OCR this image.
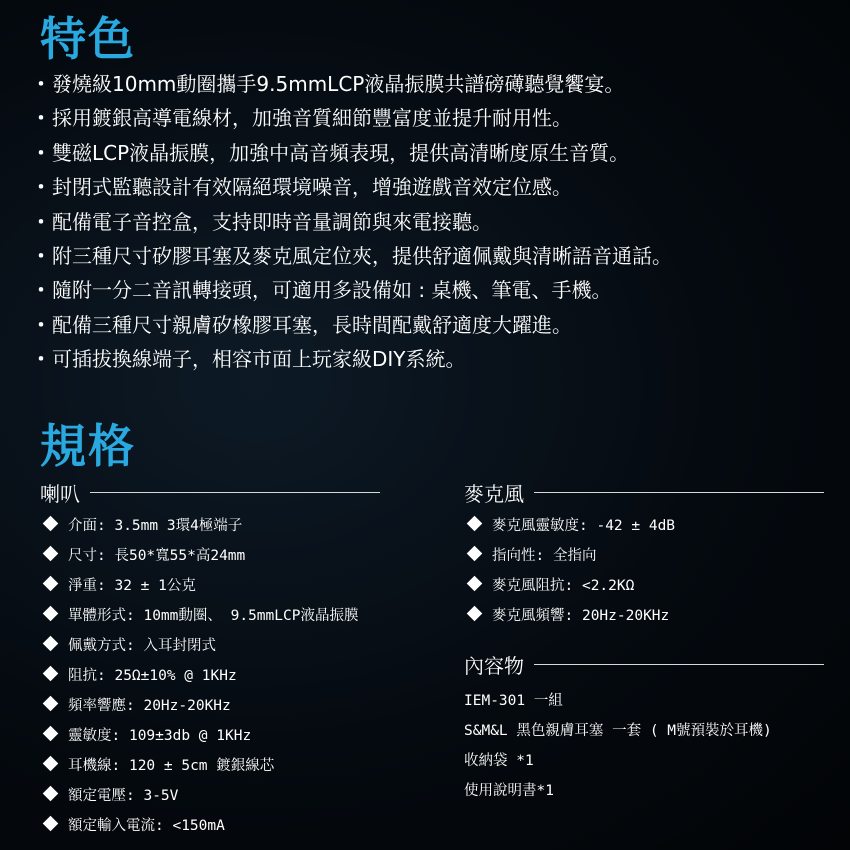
特色
・發燒級10mm動圈攜手9.5mmLCP液晶振膜共譜磅礡聽覺饗宴。
・採用鍍銀高導電線材，加強音質細節豐富度並提升耐用性。
・雙磁LCP液晶振膜，加強中高音頻表現，提供高清晰度原生音質。
・封閉式監聽設計有效隔絕環境噪音，增強遊戲音效定位感。
・配備電子音控盒，支持即時音量調節與來電接聽。
・附三種尺寸矽膠耳塞及麥克風定位夾，提供舒適佩戴與清晰語音通話。
・隨附一分二音訊轉接頭，可適用多設備如 : 桌機、筆電、手機。
・配備三種尺寸親膚矽橡膠耳塞，長時間配戴舒適度大躍進。
・可插拔換線端子，相容市面上玩家級DIY系統。
規格
喇叭
介面: 3.5mm 3環4極端子
尺寸: 長50*寬55*高24mm
淨重: 32 ± 1公克
單體形式: 10mm動圈、 9.5mmLCP液晶振膜
佩戴方式: 入耳封閉式
阻抗: 25Ω±10% @ 1KHz
頻率響應: 20Hz-20KHz
靈敏度: 109±3db @ 1KHz
耳機線: 120 ± 5cm 鍍銀線芯
額定電壓: 3-5V
額定輸入電流: <150mA
麥克風
麥克風靈敏度: -42 ± 4dB
指向性: 全指向
麥克風阻抗: <2.2KΩ
麥克風頻響: 20Hz-20KHz
內容物
IEM-301 一組
S&M&L 黑色親膚耳塞 一套 ( M號預裝於耳機)
收納袋 *1
使用說明書*1
